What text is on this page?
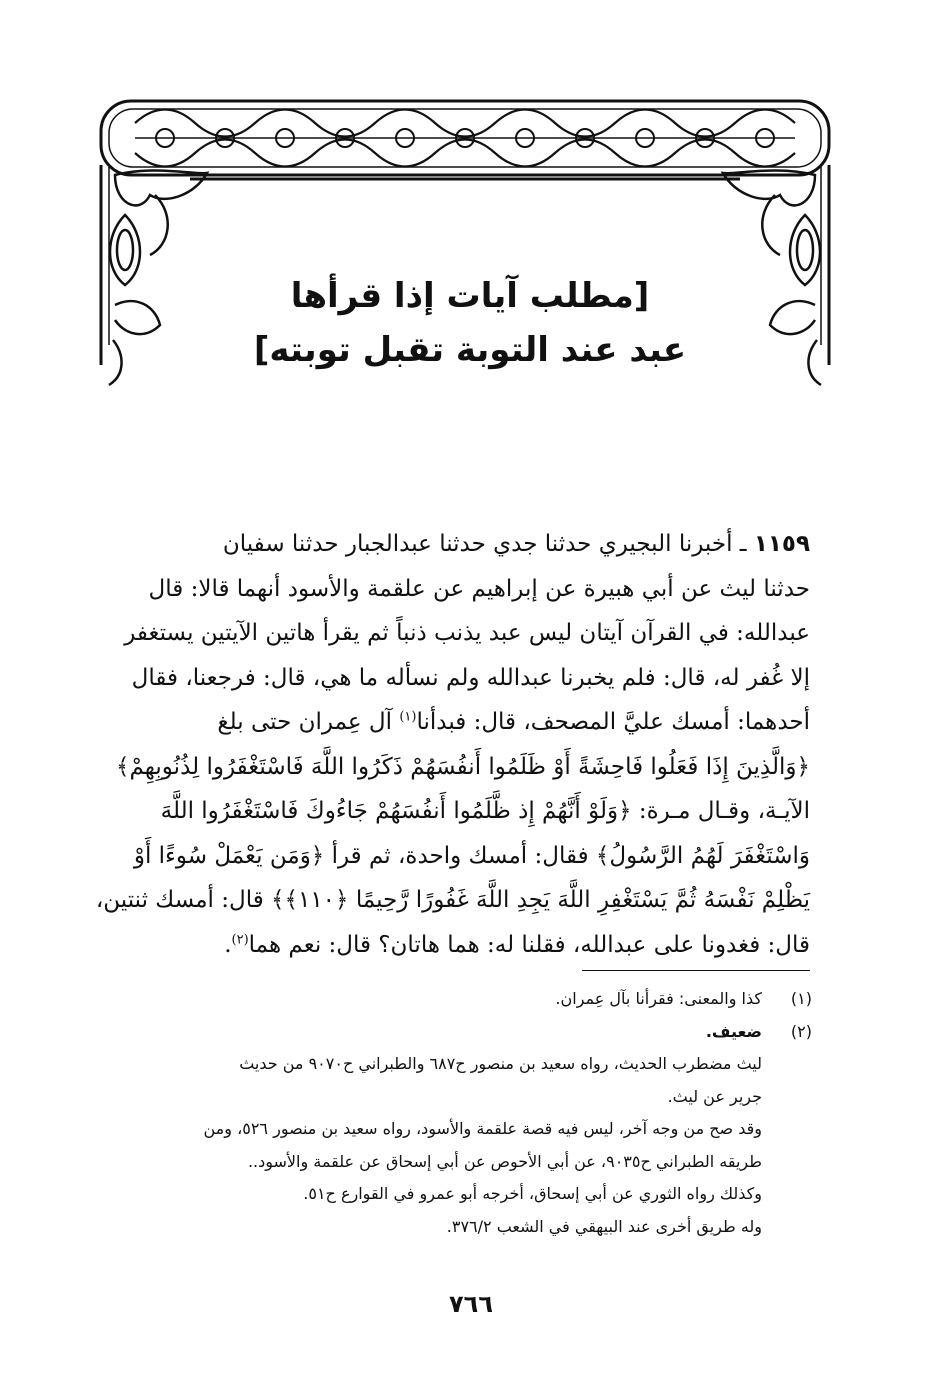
[مطلب آيات إذا قرأها
عبد عند التوبة تقبل توبته]

١١٥٩ ـ أخبرنا البجيري حدثنا جدي حدثنا عبدالجبار حدثنا سفيان

حدثنا ليث عن أبي هبيرة عن إبراهيم عن علقمة والأسود أنهما قالا: قال

عبدالله: في القرآن آيتان ليس عبد يذنب ذنباً ثم يقرأ هاتين الآيتين يستغفر

إلا غُفر له، قال: فلم يخبرنا عبدالله ولم نسأله ما هي، قال: فرجعنا، فقال

أحدهما: أمسك عليَّ المصحف، قال: فبدأنا$^{(١)}$ آل عِمران حتى بلغ

﴿وَالَّذِينَ إِذَا فَعَلُوا فَاحِشَةً أَوْ ظَلَمُوا أَنفُسَهُمْ ذَكَرُوا اللَّهَ فَاسْتَغْفَرُوا لِذُنُوبِهِمْ﴾

الآيـة، وقـال مـرة: ﴿وَلَوْ أَنَّهُمْ إِذ ظَّلَمُوا أَنفُسَهُمْ جَاءُوكَ فَاسْتَغْفَرُوا اللَّهَ

وَاسْتَغْفَرَ لَهُمُ الرَّسُولُ﴾ فقال: أمسك واحدة، ثم قرأ ﴿وَمَن يَعْمَلْ سُوءًا أَوْ

يَظْلِمْ نَفْسَهُ ثُمَّ يَسْتَغْفِرِ اللَّهَ يَجِدِ اللَّهَ غَفُورًا رَّحِيمًا ﴿١١٠﴾﴾ قال: أمسك ثنتين،

قال: فغدونا على عبدالله، فقلنا له: هما هاتان؟ قال: نعم هما$^{(٢)}$.

(١)
كذا والمعنى: فقرأنا بآل عِمران.
(٢)
ضعيف.
ليث مضطرب الحديث، رواه سعيد بن منصور ح٦٨٧ والطبراني ح٩٠٧٠ من حديث
جرير عن ليث.
وقد صح من وجه آخر، ليس فيه قصة علقمة والأسود، رواه سعيد بن منصور ٥٢٦، ومن
طريقه الطبراني ح٩٠٣٥، عن أبي الأحوص عن أبي إسحاق عن علقمة والأسود..
وكذلك رواه الثوري عن أبي إسحاق، أخرجه أبو عمرو في القوارع ح٥١.
وله طريق أخرى عند البيهقي في الشعب ٣٧٦/٢.
٧٦٦
